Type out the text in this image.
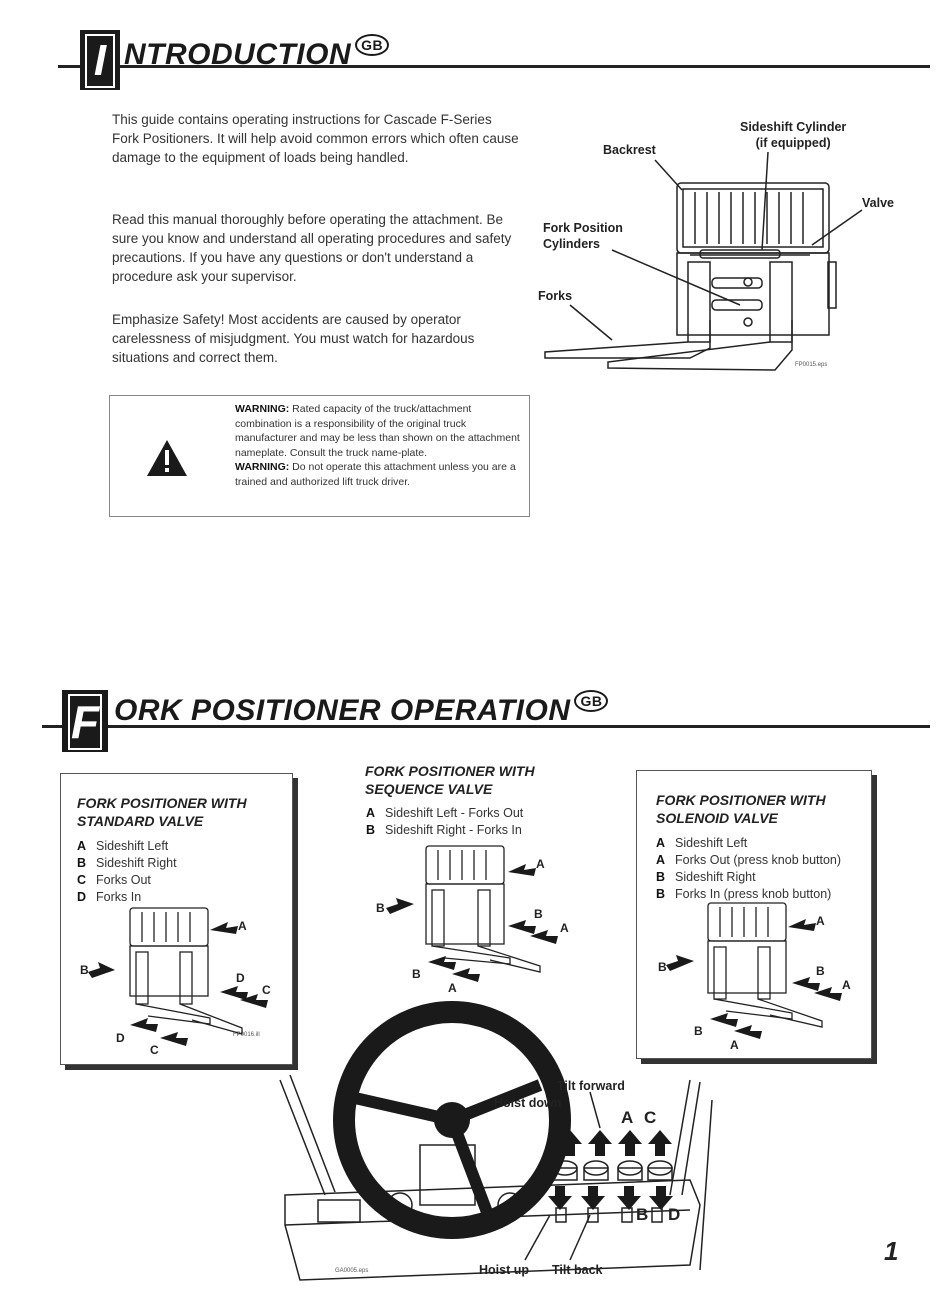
I NTRODUCTION GB
This guide contains operating instructions for Cascade F-Series Fork Positioners. It will help avoid common errors which often cause damage to the equipment of loads being handled.
Read this manual thoroughly before operating the attachment. Be sure you know and understand all operating procedures and safety precautions. If you have any questions or don't understand a procedure ask your supervisor.
Emphasize Safety! Most accidents are caused by operator carelessness of misjudgment. You must watch for hazardous situations and correct them.
Backrest
Sideshift Cylinder
(if equipped)
Valve
Fork Position
Cylinders
Forks
FP0015.eps
WARNING: Rated capacity of the truck/attachment combination is a responsibility of the original truck manufacturer and may be less than shown on the attachment nameplate. Consult the truck name-plate.
WARNING: Do not operate this attachment unless you are a trained and authorized lift truck driver.
F ORK POSITIONER OPERATION GB
FORK POSITIONER WITH
STANDARD VALVE
A Sideshift Left
B Sideshift Right
C Forks Out
D Forks In
FP0016.ill
FORK POSITIONER WITH
SEQUENCE VALVE
A Sideshift Left - Forks Out
B Sideshift Right - Forks In
FORK POSITIONER WITH
SOLENOID VALVE
A Sideshift Left
A Forks Out (press knob button)
B Sideshift Right
B Forks In (press knob button)
A
B
D
C
D
C
A
B	B
A
B
A
A
B	B
A
B
A
Tilt forward
Hoist down
Hoist up Tilt back
A C
B D
GA0005.eps
1
